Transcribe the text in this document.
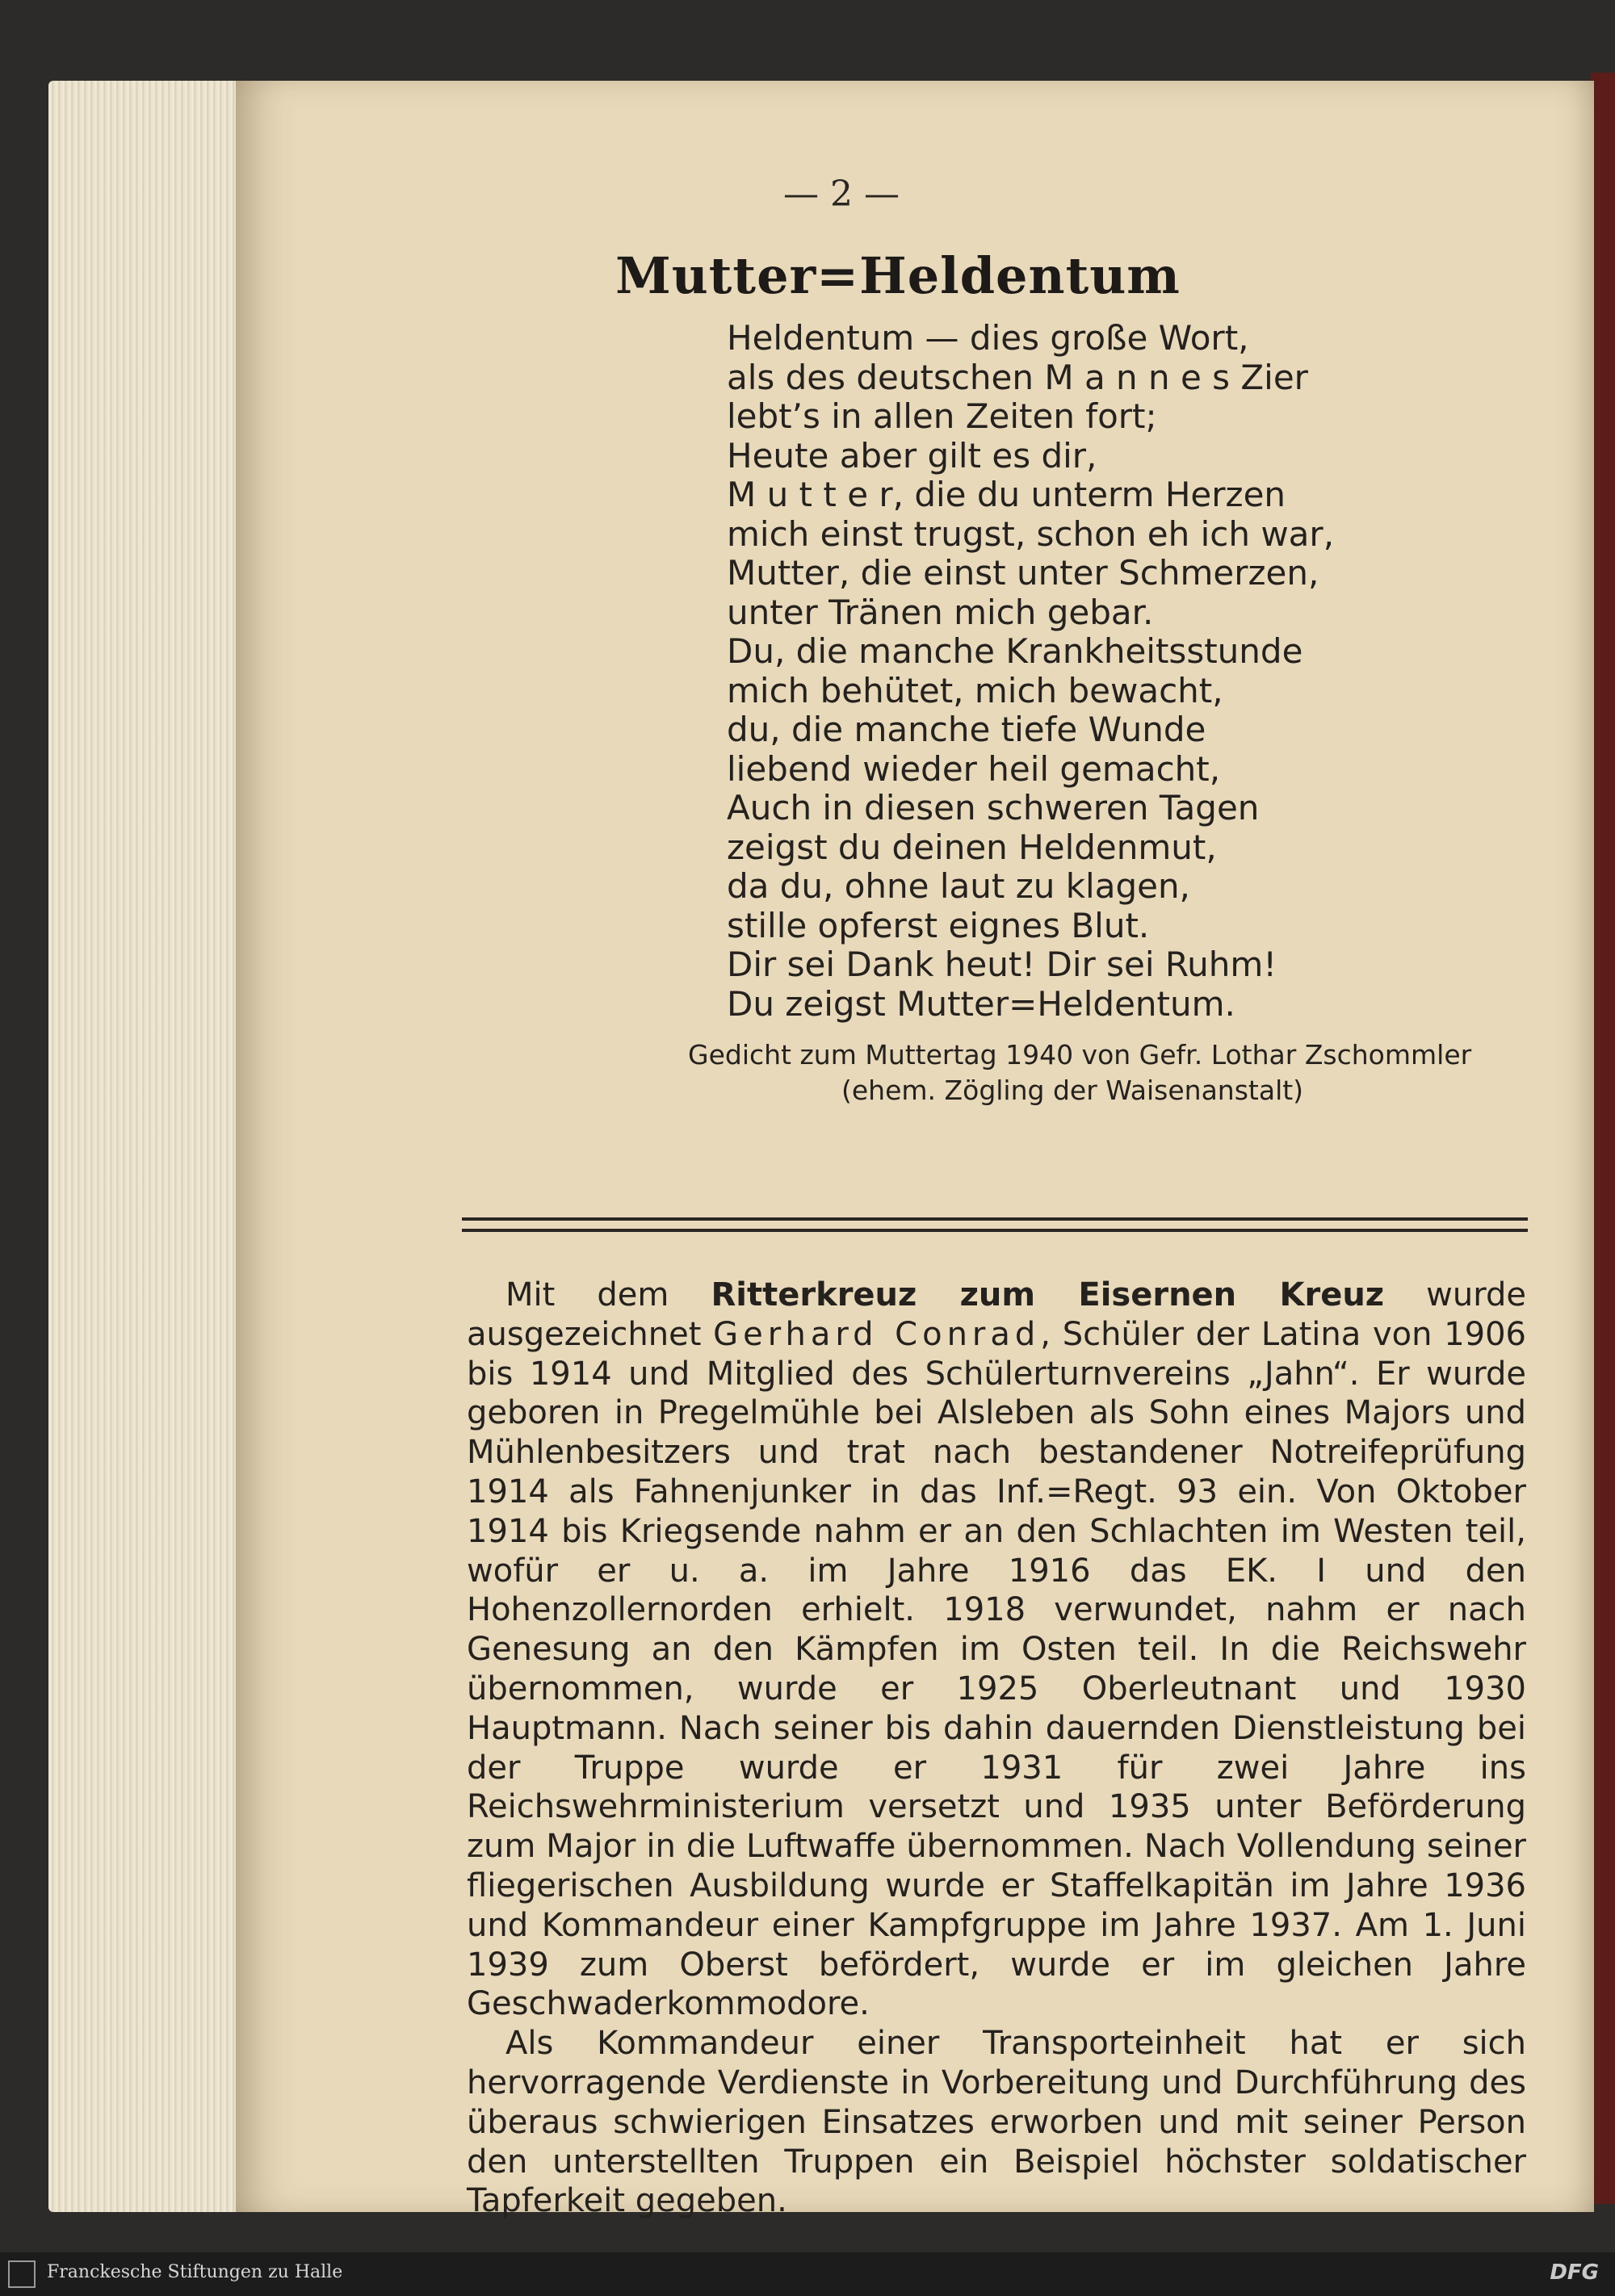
— 2 —
Mutter=Heldentum
Heldentum — dies große Wort,
als des deutschen M a n n e s Zier
lebt’s in allen Zeiten fort;
Heute aber gilt es dir,
M u t t e r, die du unterm Herzen
mich einst trugst, schon eh ich war,
Mutter, die einst unter Schmerzen,
unter Tränen mich gebar.
Du, die manche Krankheitsstunde
mich behütet, mich bewacht,
du, die manche tiefe Wunde
liebend wieder heil gemacht,
Auch in diesen schweren Tagen
zeigst du deinen Heldenmut,
da du, ohne laut zu klagen,
stille opferst eignes Blut.
Dir sei Dank heut! Dir sei Ruhm!
Du zeigst Mutter=Heldentum.
Gedicht zum Muttertag 1940 von Gefr. Lothar Zschommler
(ehem. Zögling der Waisenanstalt)

Mit dem Ritterkreuz zum Eisernen Kreuz wurde ausgezeichnet Gerhard Conrad, Schüler der Latina von 1906 bis 1914 und Mitglied des Schülerturnvereins „Jahn“. Er wurde geboren in Pregelmühle bei Alsleben als Sohn eines Majors und Mühlenbesitzers und trat nach bestandener Notreifeprüfung 1914 als Fahnenjunker in das Inf.=Regt. 93 ein. Von Oktober 1914 bis Kriegsende nahm er an den Schlachten im Westen teil, wofür er u. a. im Jahre 1916 das EK. I und den Hohenzollernorden erhielt. 1918 verwundet, nahm er nach Genesung an den Kämpfen im Osten teil. In die Reichswehr übernommen, wurde er 1925 Oberleutnant und 1930 Hauptmann. Nach seiner bis dahin dauernden Dienstleistung bei der Truppe wurde er 1931 für zwei Jahre ins Reichswehrministerium versetzt und 1935 unter Beförderung zum Major in die Luftwaffe übernommen. Nach Vollendung seiner fliegerischen Ausbildung wurde er Staffelkapitän im Jahre 1936 und Kommandeur einer Kampfgruppe im Jahre 1937. Am 1. Juni 1939 zum Oberst befördert, wurde er im gleichen Jahre Geschwaderkommodore.

Als Kommandeur einer Transporteinheit hat er sich hervorragende Verdienste in Vorbereitung und Durchführung des überaus schwierigen Einsatzes erworben und mit seiner Person den unterstellten Truppen ein Beispiel höchster soldatischer Tapferkeit gegeben.

Franckesche Stiftungen zu Halle	DFG
